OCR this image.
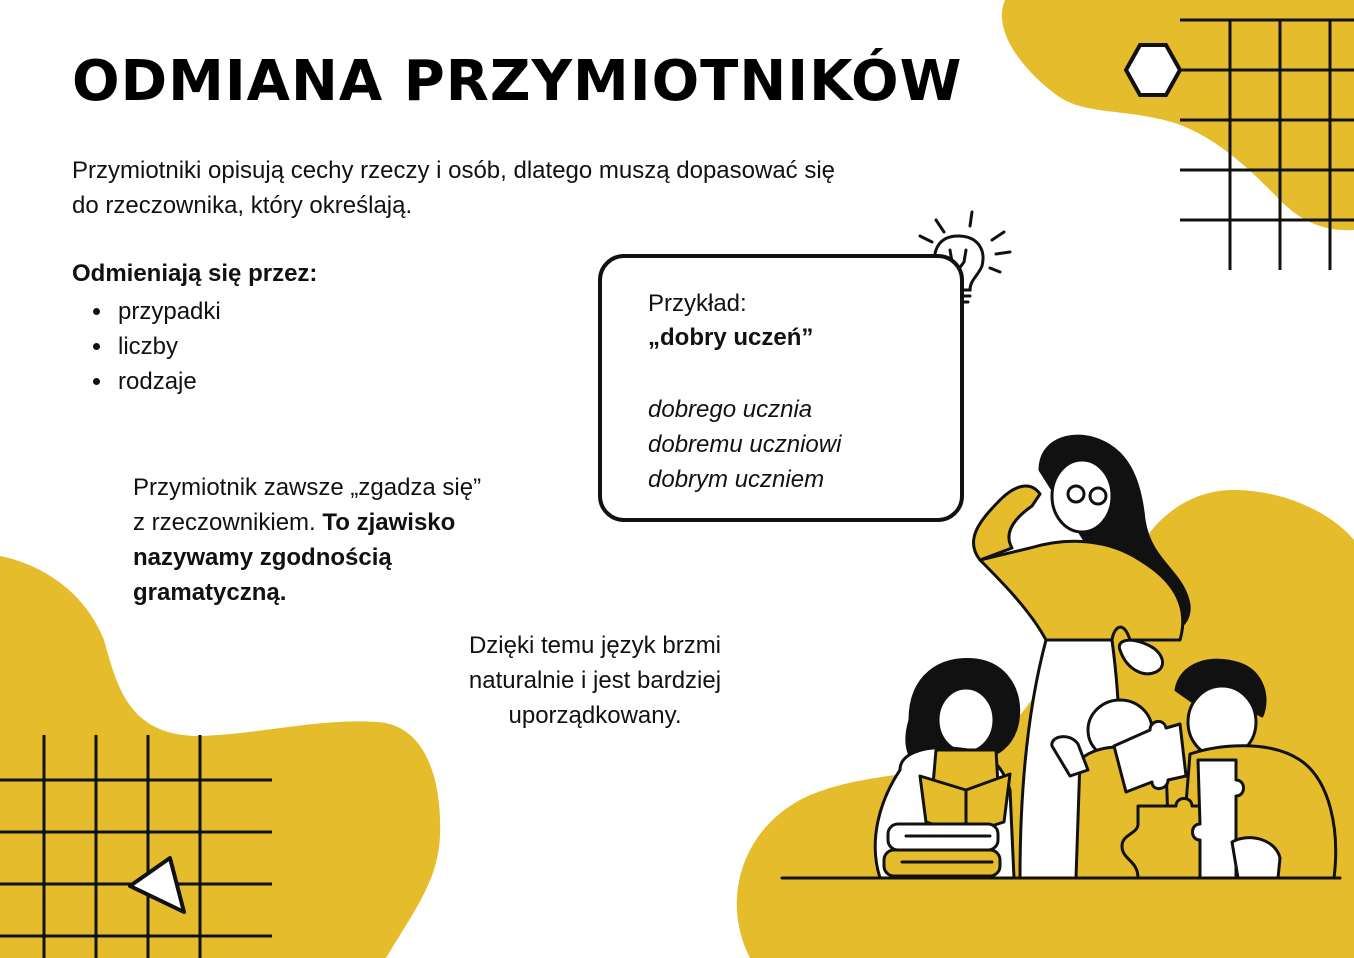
ODMIANA PRZYMIOTNIKÓW

Przymiotniki opisują cechy rzeczy i osób, dlatego muszą dopasować się
do rzeczownika, który określają.

Odmieniają się przez:

• przypadki
• liczby
• rodzaje

Przykład:

„dobry uczeń”

dobrego ucznia
dobremu uczniowi
dobrym uczniem

Przymiotnik zawsze „zgadza się”
z rzeczownikiem. To zjawisko
nazywamy zgodnością
gramatyczną.

Dzięki temu język brzmi
naturalnie i jest bardziej
uporządkowany.
